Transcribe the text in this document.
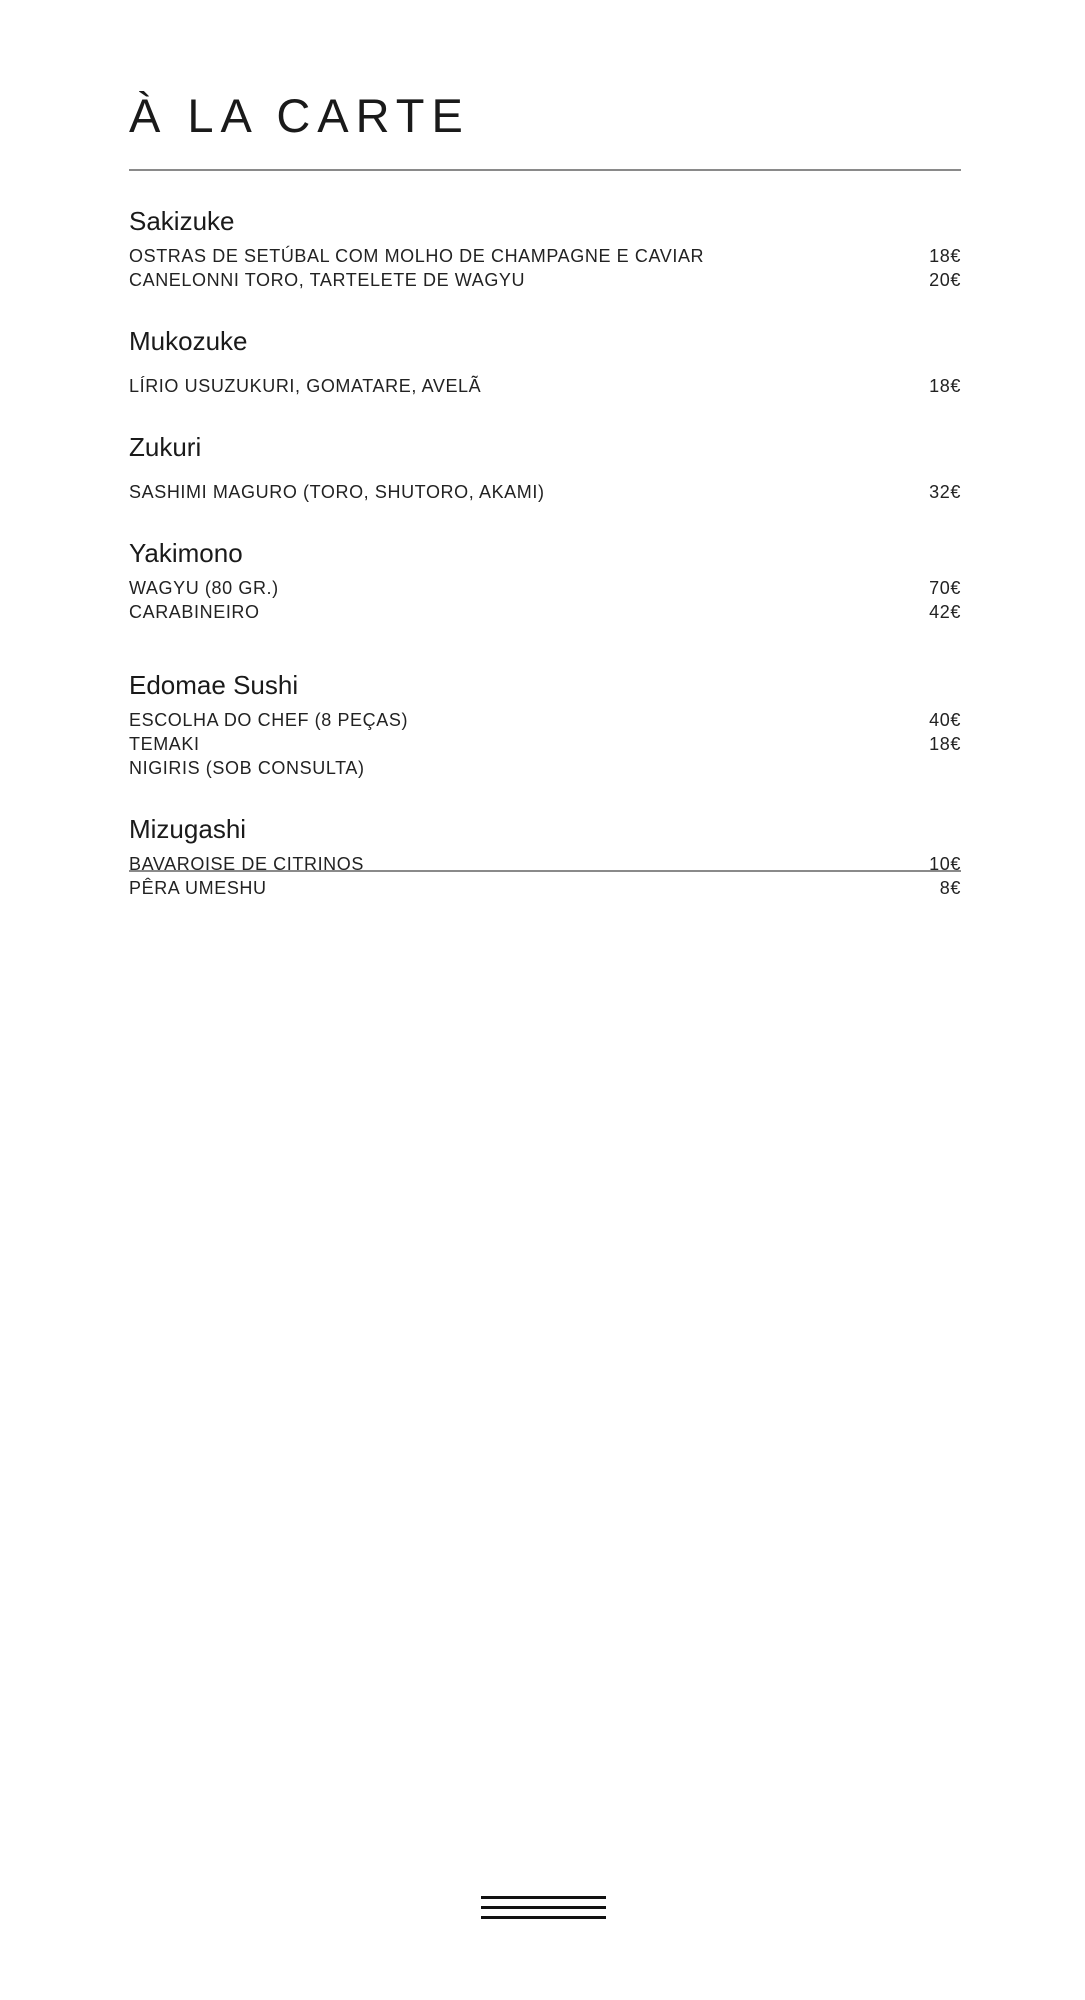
À LA CARTE
Sakizuke
OSTRAS DE SETÚBAL COM MOLHO DE CHAMPAGNE E CAVIAR	18€
CANELONNI TORO, TARTELETE DE WAGYU	20€
Mukozuke
LÍRIO USUZUKURI, GOMATARE, AVELÃ	18€
Zukuri
SASHIMI MAGURO (TORO, SHUTORO, AKAMI)	32€
Yakimono
WAGYU (80 GR.)	70€
CARABINEIRO	42€
Edomae Sushi
ESCOLHA DO CHEF (8 PEÇAS)	40€
TEMAKI	18€
NIGIRIS (SOB CONSULTA)
Mizugashi
BAVAROISE DE CITRINOS	10€
PÊRA UMESHU	8€
